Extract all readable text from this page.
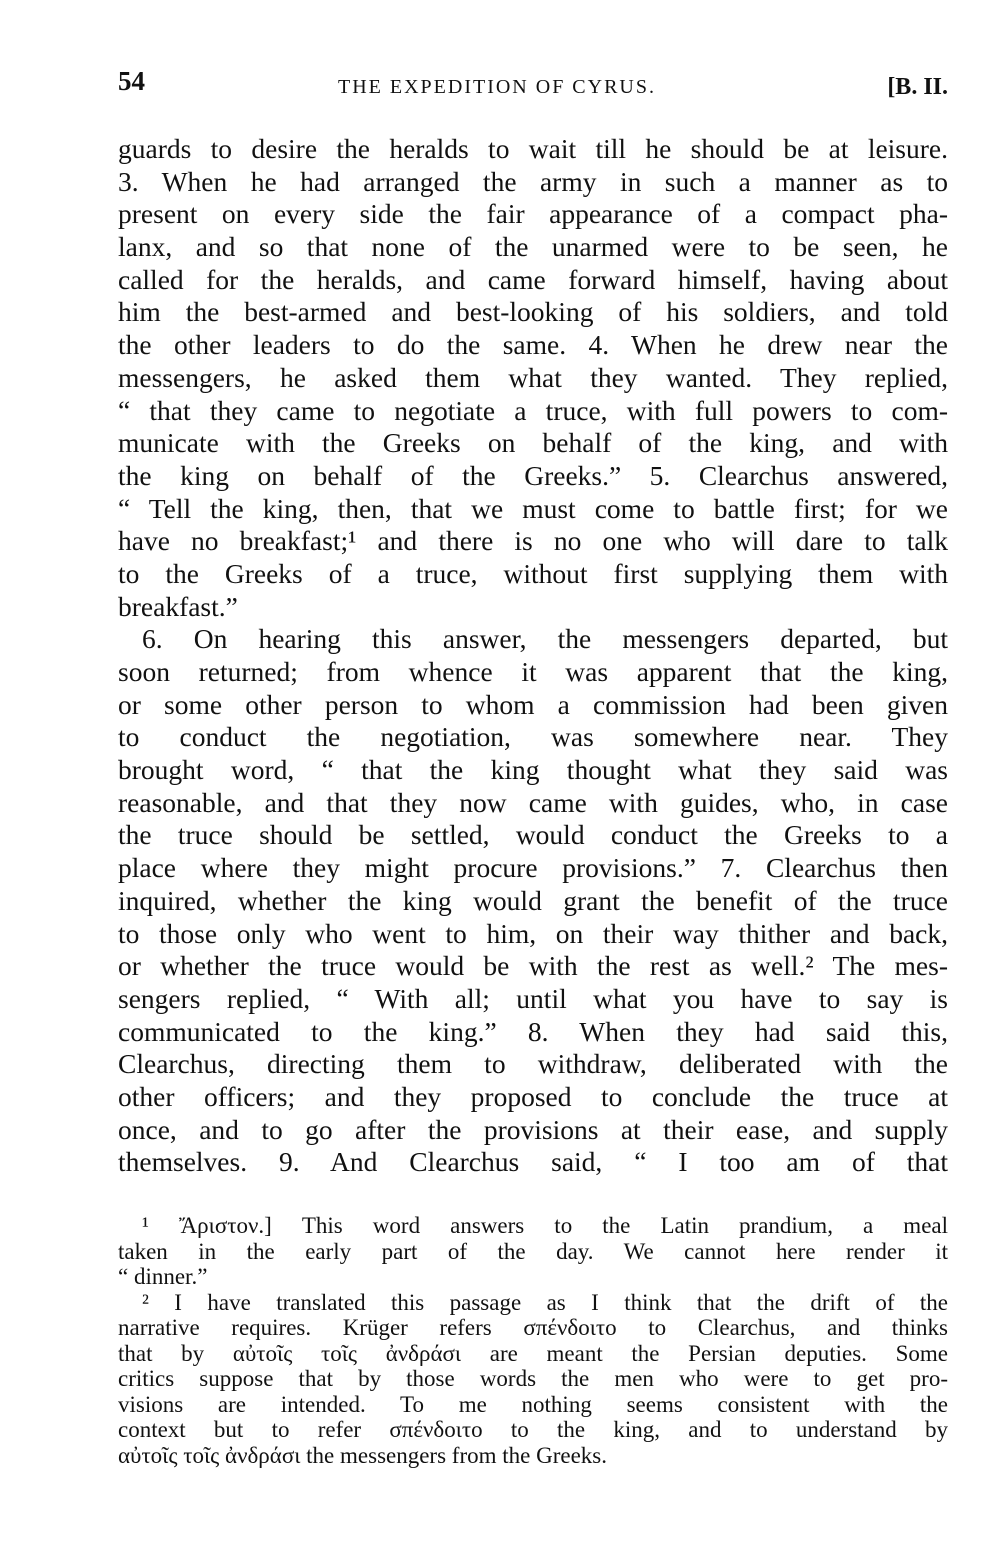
54	THE EXPEDITION OF CYRUS.	[B. II.
guards to desire the heralds to wait till he should be at leisure.
3. When he had arranged the army in such a manner as to
present on every side the fair appearance of a compact pha-
lanx, and so that none of the unarmed were to be seen, he
called for the heralds, and came forward himself, having about
him the best-armed and best-looking of his soldiers, and told
the other leaders to do the same. 4. When he drew near the
messengers, he asked them what they wanted. They replied,
“ that they came to negotiate a truce, with full powers to com-
municate with the Greeks on behalf of the king, and with
the king on behalf of the Greeks.” 5. Clearchus answered,
“ Tell the king, then, that we must come to battle first; for we
have no breakfast;¹ and there is no one who will dare to talk
to the Greeks of a truce, without first supplying them with
breakfast.”
6. On hearing this answer, the messengers departed, but
soon returned; from whence it was apparent that the king,
or some other person to whom a commission had been given
to conduct the negotiation, was somewhere near. They
brought word, “ that the king thought what they said was
reasonable, and that they now came with guides, who, in case
the truce should be settled, would conduct the Greeks to a
place where they might procure provisions.” 7. Clearchus then
inquired, whether the king would grant the benefit of the truce
to those only who went to him, on their way thither and back,
or whether the truce would be with the rest as well.² The mes-
sengers replied, “ With all; until what you have to say is
communicated to the king.” 8. When they had said this,
Clearchus, directing them to withdraw, deliberated with the
other officers; and they proposed to conclude the truce at
once, and to go after the provisions at their ease, and supply
themselves. 9. And Clearchus said, “ I too am of that
¹ Ἄριστον.] This word answers to the Latin prandium, a meal
taken in the early part of the day. We cannot here render it
“ dinner.”
² I have translated this passage as I think that the drift of the
narrative requires. Krüger refers σπένδοιτο to Clearchus, and thinks
that by αὐτοῖς τοῖς ἀνδράσι are meant the Persian deputies. Some
critics suppose that by those words the men who were to get pro-
visions are intended. To me nothing seems consistent with the
context but to refer σπένδοιτο to the king, and to understand by
αὐτοῖς τοῖς ἀνδράσι the messengers from the Greeks.
